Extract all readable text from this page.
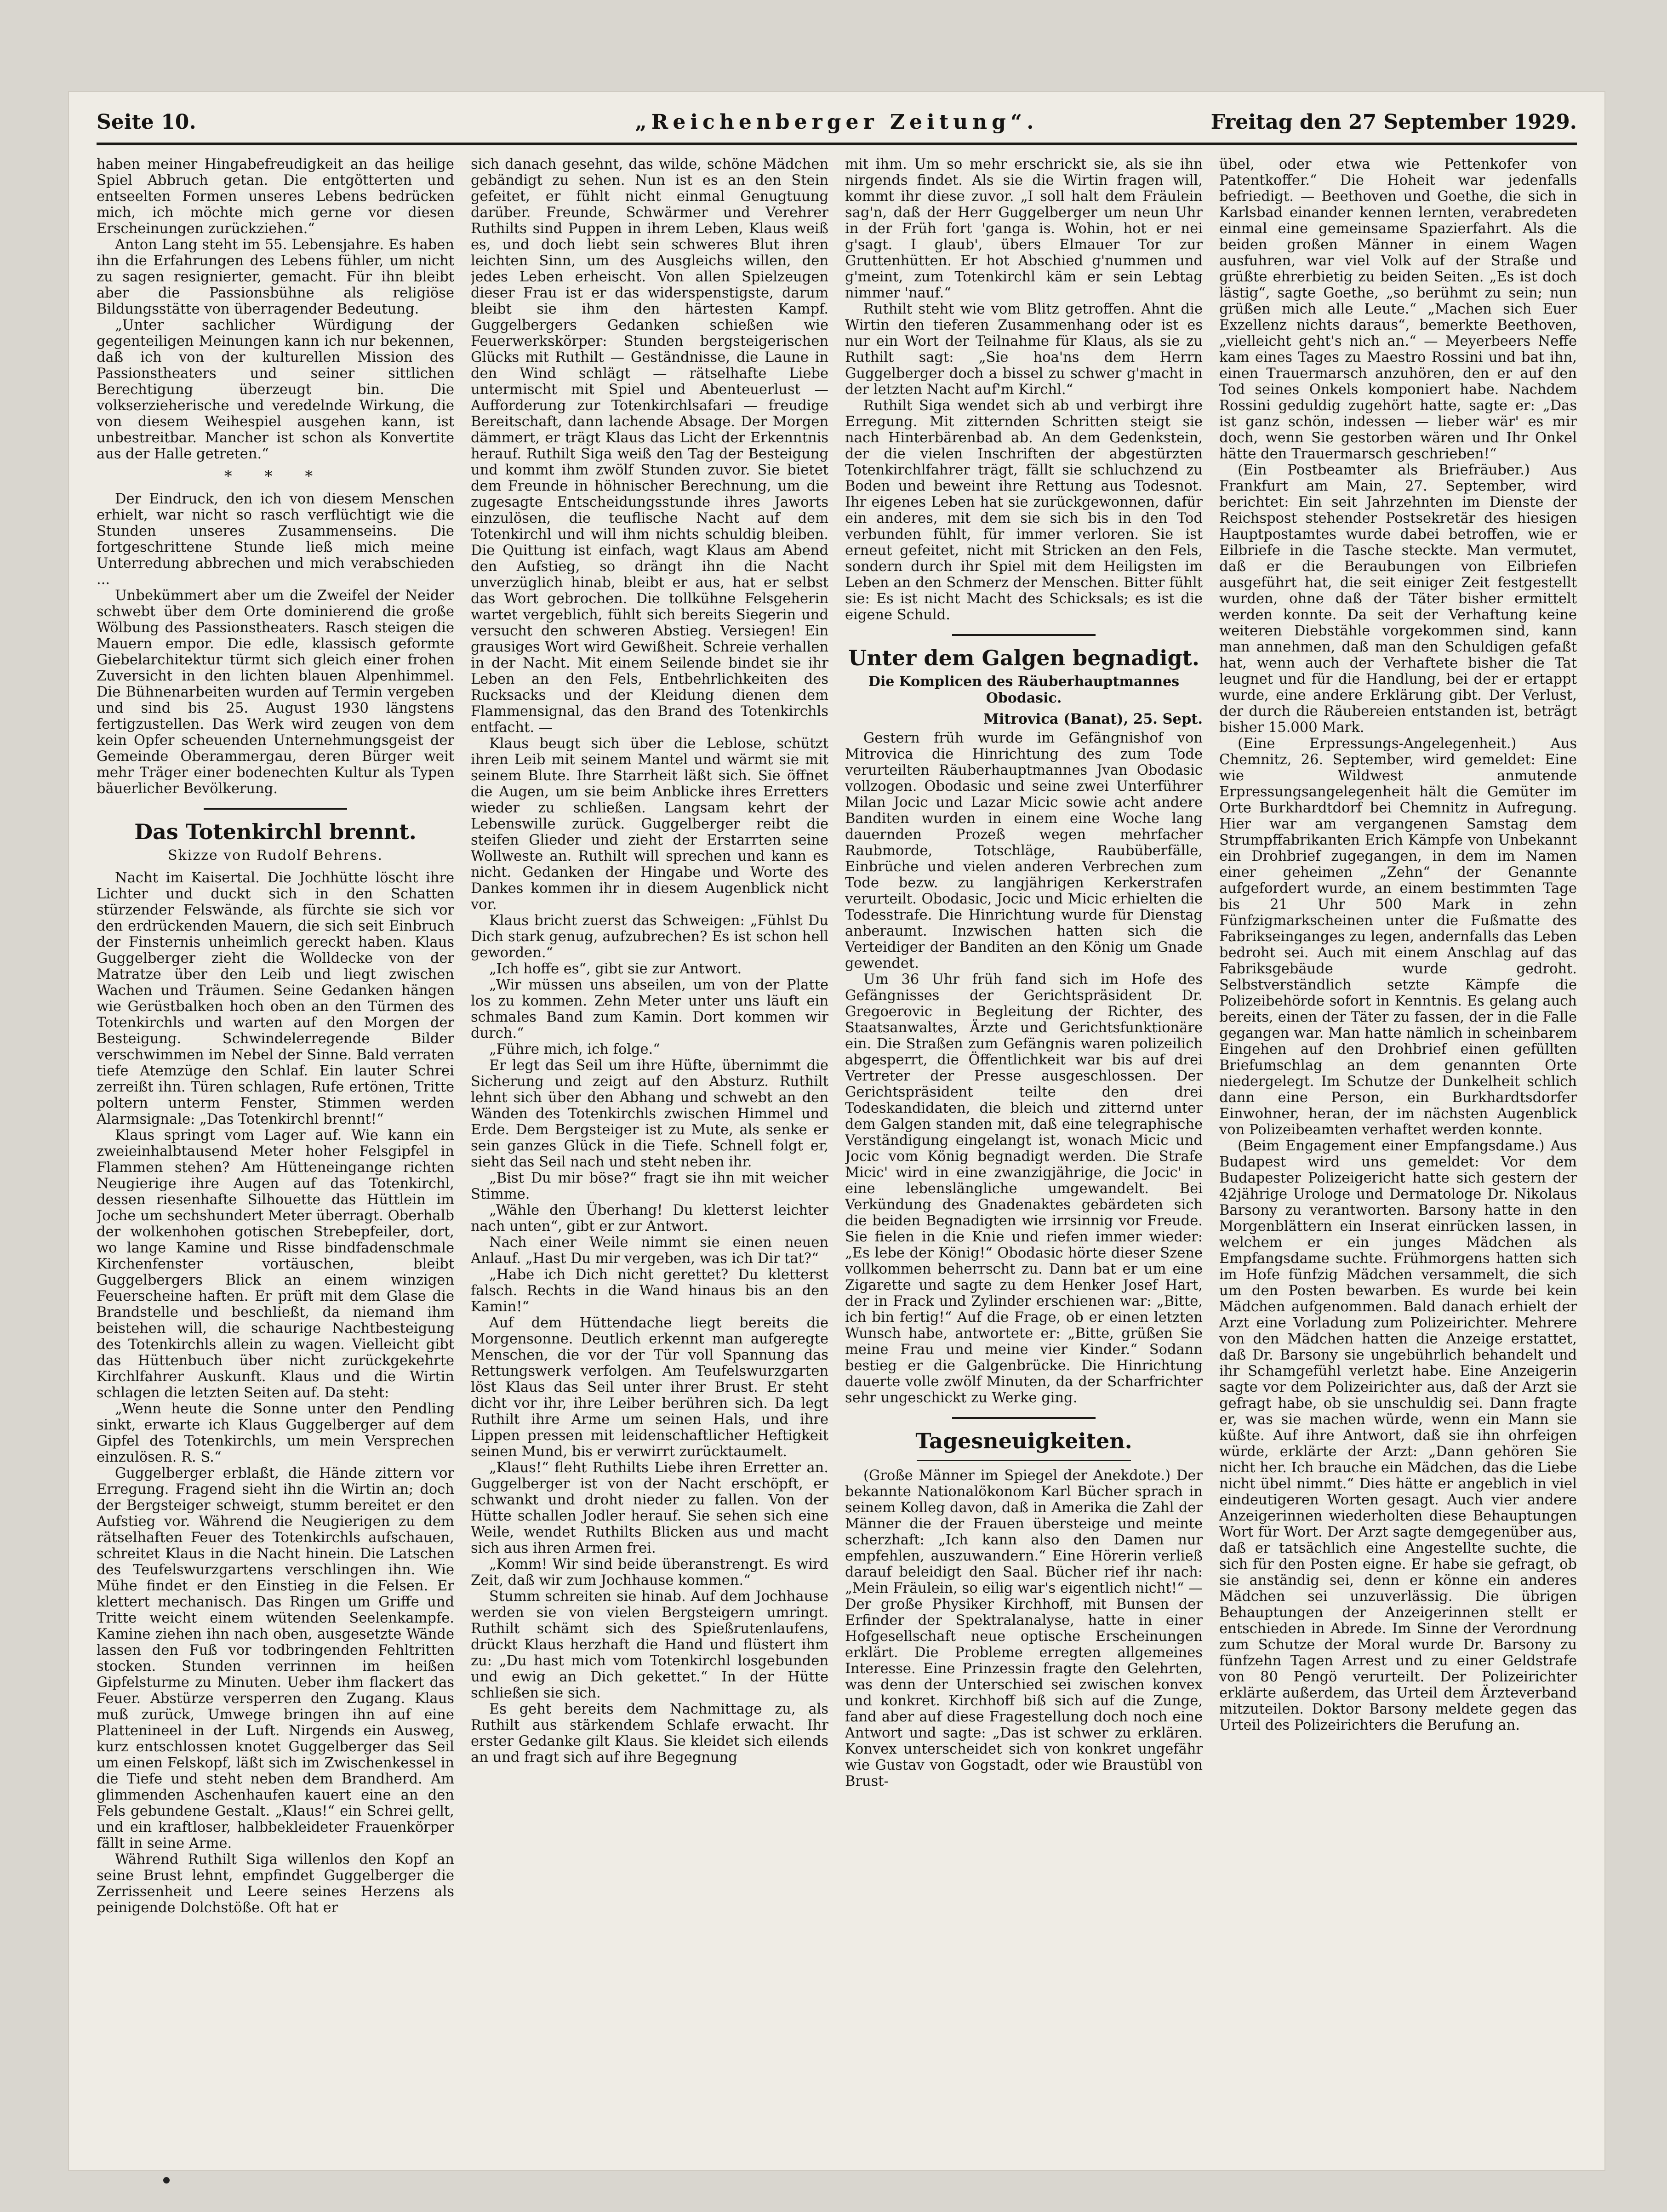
Seite 10.	„Reichenberger Zeitung“.	Freitag den 27 September 1929.

haben meiner Hingabefreudigkeit an das heilige Spiel Abbruch getan. Die entgötterten und entseelten Formen unseres Lebens bedrücken mich, ich möchte mich gerne vor diesen Erscheinungen zurückziehen.“

Anton Lang steht im 55. Lebensjahre. Es haben ihn die Erfahrungen des Lebens fühler, um nicht zu sagen resignierter, gemacht. Für ihn bleibt aber die Passionsbühne als religiöse Bildungsstätte von überragender Bedeutung.

„Unter sachlicher Würdigung der gegenteiligen Meinungen kann ich nur bekennen, daß ich von der kulturellen Mission des Passionstheaters und seiner sittlichen Berechtigung überzeugt bin. Die volkserzieherische und veredelnde Wirkung, die von diesem Weihespiel ausgehen kann, ist unbestreitbar. Mancher ist schon als Konvertite aus der Halle getreten.“

* * *

Der Eindruck, den ich von diesem Menschen erhielt, war nicht so rasch verflüchtigt wie die Stunden unseres Zusammenseins. Die fortgeschrittene Stunde ließ mich meine Unterredung abbrechen und mich verabschieden ...

Unbekümmert aber um die Zweifel der Neider schwebt über dem Orte dominierend die große Wölbung des Passionstheaters. Rasch steigen die Mauern empor. Die edle, klassisch geformte Giebelarchitektur türmt sich gleich einer frohen Zuversicht in den lichten blauen Alpenhimmel. Die Bühnenarbeiten wurden auf Termin vergeben und sind bis 25. August 1930 längstens fertigzustellen. Das Werk wird zeugen von dem kein Opfer scheuenden Unternehmungsgeist der Gemeinde Oberammergau, deren Bürger weit mehr Träger einer bodenechten Kultur als Typen bäuerlicher Bevölkerung.

Das Totenkirchl brennt.
Skizze von Rudolf Behrens.

Nacht im Kaisertal. Die Jochhütte löscht ihre Lichter und duckt sich in den Schatten stürzender Felswände, als fürchte sie sich vor den erdrückenden Mauern, die sich seit Einbruch der Finsternis unheimlich gereckt haben. Klaus Guggelberger zieht die Wolldecke von der Matratze über den Leib und liegt zwischen Wachen und Träumen. Seine Gedanken hängen wie Gerüstbalken hoch oben an den Türmen des Totenkirchls und warten auf den Morgen der Besteigung. Schwindelerregende Bilder verschwimmen im Nebel der Sinne. Bald verraten tiefe Atemzüge den Schlaf. Ein lauter Schrei zerreißt ihn. Türen schlagen, Rufe ertönen, Tritte poltern unterm Fenster, Stimmen werden Alarmsignale: „Das Totenkirchl brennt!“

Klaus springt vom Lager auf. Wie kann ein zweieinhalbtausend Meter hoher Felsgipfel in Flammen stehen? Am Hütteneingange richten Neugierige ihre Augen auf das Totenkirchl, dessen riesenhafte Silhouette das Hüttlein im Joche um sechshundert Meter überragt. Oberhalb der wolkenhohen gotischen Strebepfeiler, dort, wo lange Kamine und Risse bindfadenschmale Kirchenfenster vortäuschen, bleibt Guggelbergers Blick an einem winzigen Feuerscheine haften. Er prüft mit dem Glase die Brandstelle und beschließt, da niemand ihm beistehen will, die schaurige Nachtbesteigung des Totenkirchls allein zu wagen. Vielleicht gibt das Hüttenbuch über nicht zurückgekehrte Kirchlfahrer Auskunft. Klaus und die Wirtin schlagen die letzten Seiten auf. Da steht:

„Wenn heute die Sonne unter den Pendling sinkt, erwarte ich Klaus Guggelberger auf dem Gipfel des Totenkirchls, um mein Versprechen einzulösen. R. S.“

Guggelberger erblaßt, die Hände zittern vor Erregung. Fragend sieht ihn die Wirtin an; doch der Bergsteiger schweigt, stumm bereitet er den Aufstieg vor. Während die Neugierigen zu dem rätselhaften Feuer des Totenkirchls aufschauen, schreitet Klaus in die Nacht hinein. Die Latschen des Teufelswurzgartens verschlingen ihn. Wie Mühe findet er den Einstieg in die Felsen. Er klettert mechanisch. Das Ringen um Griffe und Tritte weicht einem wütenden Seelenkampfe. Kamine ziehen ihn nach oben, ausgesetzte Wände lassen den Fuß vor todbringenden Fehltritten stocken. Stunden verrinnen im heißen Gipfelsturme zu Minuten. Ueber ihm flackert das Feuer. Abstürze versperren den Zugang. Klaus muß zurück, Umwege bringen ihn auf eine Plattenineel in der Luft. Nirgends ein Ausweg, kurz entschlossen knotet Guggelberger das Seil um einen Felskopf, läßt sich im Zwischenkessel in die Tiefe und steht neben dem Brandherd. Am glimmenden Aschenhaufen kauert eine an den Fels gebundene Gestalt. „Klaus!“ ein Schrei gellt, und ein kraftloser, halbbekleideter Frauenkörper fällt in seine Arme.

Während Ruthilt Siga willenlos den Kopf an seine Brust lehnt, empfindet Guggelberger die Zerrissenheit und Leere seines Herzens als peinigende Dolchstöße. Oft hat er

sich danach gesehnt, das wilde, schöne Mädchen gebändigt zu sehen. Nun ist es an den Stein gefeitet, er fühlt nicht einmal Genugtuung darüber. Freunde, Schwärmer und Verehrer Ruthilts sind Puppen in ihrem Leben, Klaus weiß es, und doch liebt sein schweres Blut ihren leichten Sinn, um des Ausgleichs willen, den jedes Leben erheischt. Von allen Spielzeugen dieser Frau ist er das widerspenstigste, darum bleibt sie ihm den härtesten Kampf. Guggelbergers Gedanken schießen wie Feuerwerkskörper: Stunden bergsteigerischen Glücks mit Ruthilt — Geständnisse, die Laune in den Wind schlägt — rätselhafte Liebe untermischt mit Spiel und Abenteuerlust — Aufforderung zur Totenkirchlsafari — freudige Bereitschaft, dann lachende Absage. Der Morgen dämmert, er trägt Klaus das Licht der Erkenntnis herauf. Ruthilt Siga weiß den Tag der Besteigung und kommt ihm zwölf Stunden zuvor. Sie bietet dem Freunde in höhnischer Berechnung, um die zugesagte Entscheidungsstunde ihres Jaworts einzulösen, die teuflische Nacht auf dem Totenkirchl und will ihm nichts schuldig bleiben. Die Quittung ist einfach, wagt Klaus am Abend den Aufstieg, so drängt ihn die Nacht unverzüglich hinab, bleibt er aus, hat er selbst das Wort gebrochen. Die tollkühne Felsgeherin wartet vergeblich, fühlt sich bereits Siegerin und versucht den schweren Abstieg. Versiegen! Ein grausiges Wort wird Gewißheit. Schreie verhallen in der Nacht. Mit einem Seilende bindet sie ihr Leben an den Fels, Entbehrlichkeiten des Rucksacks und der Kleidung dienen dem Flammensignal, das den Brand des Totenkirchls entfacht. —

Klaus beugt sich über die Leblose, schützt ihren Leib mit seinem Mantel und wärmt sie mit seinem Blute. Ihre Starrheit läßt sich. Sie öffnet die Augen, um sie beim Anblicke ihres Erretters wieder zu schließen. Langsam kehrt der Lebenswille zurück. Guggelberger reibt die steifen Glieder und zieht der Erstarrten seine Wollweste an. Ruthilt will sprechen und kann es nicht. Gedanken der Hingabe und Worte des Dankes kommen ihr in diesem Augenblick nicht vor.

Klaus bricht zuerst das Schweigen: „Fühlst Du Dich stark genug, aufzubrechen? Es ist schon hell geworden.“

„Ich hoffe es“, gibt sie zur Antwort.

„Wir müssen uns abseilen, um von der Platte los zu kommen. Zehn Meter unter uns läuft ein schmales Band zum Kamin. Dort kommen wir durch.“

„Führe mich, ich folge.“

Er legt das Seil um ihre Hüfte, übernimmt die Sicherung und zeigt auf den Absturz. Ruthilt lehnt sich über den Abhang und schwebt an den Wänden des Totenkirchls zwischen Himmel und Erde. Dem Bergsteiger ist zu Mute, als senke er sein ganzes Glück in die Tiefe. Schnell folgt er, sieht das Seil nach und steht neben ihr.

„Bist Du mir böse?“ fragt sie ihn mit weicher Stimme.

„Wähle den Überhang! Du kletterst leichter nach unten“, gibt er zur Antwort.

Nach einer Weile nimmt sie einen neuen Anlauf. „Hast Du mir vergeben, was ich Dir tat?“

„Habe ich Dich nicht gerettet? Du kletterst falsch. Rechts in die Wand hinaus bis an den Kamin!“

Auf dem Hüttendache liegt bereits die Morgensonne. Deutlich erkennt man aufgeregte Menschen, die vor der Tür voll Spannung das Rettungswerk verfolgen. Am Teufelswurzgarten löst Klaus das Seil unter ihrer Brust. Er steht dicht vor ihr, ihre Leiber berühren sich. Da legt Ruthilt ihre Arme um seinen Hals, und ihre Lippen pressen mit leidenschaftlicher Heftigkeit seinen Mund, bis er verwirrt zurücktaumelt.

„Klaus!“ fleht Ruthilts Liebe ihren Erretter an. Guggelberger ist von der Nacht erschöpft, er schwankt und droht nieder zu fallen. Von der Hütte schallen Jodler herauf. Sie sehen sich eine Weile, wendet Ruthilts Blicken aus und macht sich aus ihren Armen frei.

„Komm! Wir sind beide überanstrengt. Es wird Zeit, daß wir zum Jochhause kommen.“

Stumm schreiten sie hinab. Auf dem Jochhause werden sie von vielen Bergsteigern umringt. Ruthilt schämt sich des Spießrutenlaufens, drückt Klaus herzhaft die Hand und flüstert ihm zu: „Du hast mich vom Totenkirchl losgebunden und ewig an Dich gekettet.“ In der Hütte schließen sie sich.

Es geht bereits dem Nachmittage zu, als Ruthilt aus stärkendem Schlafe erwacht. Ihr erster Gedanke gilt Klaus. Sie kleidet sich eilends an und fragt sich auf ihre Begegnung

mit ihm. Um so mehr erschrickt sie, als sie ihn nirgends findet. Als sie die Wirtin fragen will, kommt ihr diese zuvor. „I soll halt dem Fräulein sag'n, daß der Herr Guggelberger um neun Uhr in der Früh fort 'ganga is. Wohin, hot er nei g'sagt. I glaub', übers Elmauer Tor zur Gruttenhütten. Er hot Abschied g'nummen und g'meint, zum Totenkirchl käm er sein Lebtag nimmer 'nauf.“

Ruthilt steht wie vom Blitz getroffen. Ahnt die Wirtin den tieferen Zusammenhang oder ist es nur ein Wort der Teilnahme für Klaus, als sie zu Ruthilt sagt: „Sie hoa'ns dem Herrn Guggelberger doch a bissel zu schwer g'macht in der letzten Nacht auf'm Kirchl.“

Ruthilt Siga wendet sich ab und verbirgt ihre Erregung. Mit zitternden Schritten steigt sie nach Hinterbärenbad ab. An dem Gedenkstein, der die vielen Inschriften der abgestürzten Totenkirchlfahrer trägt, fällt sie schluchzend zu Boden und beweint ihre Rettung aus Todesnot. Ihr eigenes Leben hat sie zurückgewonnen, dafür ein anderes, mit dem sie sich bis in den Tod verbunden fühlt, für immer verloren. Sie ist erneut gefeitet, nicht mit Stricken an den Fels, sondern durch ihr Spiel mit dem Heiligsten im Leben an den Schmerz der Menschen. Bitter fühlt sie: Es ist nicht Macht des Schicksals; es ist die eigene Schuld.

Unter dem Galgen begnadigt.
Die Komplicen des Räuberhauptmannes Obodasic.
Mitrovica (Banat), 25. Sept.

Gestern früh wurde im Gefängnishof von Mitrovica die Hinrichtung des zum Tode verurteilten Räuberhauptmannes Jvan Obodasic vollzogen. Obodasic und seine zwei Unterführer Milan Jocic und Lazar Micic sowie acht andere Banditen wurden in einem eine Woche lang dauernden Prozeß wegen mehrfacher Raubmorde, Totschläge, Raubüberfälle, Einbrüche und vielen anderen Verbrechen zum Tode bezw. zu langjährigen Kerkerstrafen verurteilt. Obodasic, Jocic und Micic erhielten die Todesstrafe. Die Hinrichtung wurde für Dienstag anberaumt. Inzwischen hatten sich die Verteidiger der Banditen an den König um Gnade gewendet.

Um 36 Uhr früh fand sich im Hofe des Gefängnisses der Gerichtspräsident Dr. Gregoerovic in Begleitung der Richter, des Staatsanwaltes, Ärzte und Gerichtsfunktionäre ein. Die Straßen zum Gefängnis waren polizeilich abgesperrt, die Öffentlichkeit war bis auf drei Vertreter der Presse ausgeschlossen. Der Gerichtspräsident teilte den drei Todeskandidaten, die bleich und zitternd unter dem Galgen standen mit, daß eine telegraphische Verständigung eingelangt ist, wonach Micic und Jocic vom König begnadigt werden. Die Strafe Micic' wird in eine zwanzigjährige, die Jocic' in eine lebenslängliche umgewandelt. Bei Verkündung des Gnadenaktes gebärdeten sich die beiden Begnadigten wie irrsinnig vor Freude. Sie fielen in die Knie und riefen immer wieder: „Es lebe der König!“ Obodasic hörte dieser Szene vollkommen beherrscht zu. Dann bat er um eine Zigarette und sagte zu dem Henker Josef Hart, der in Frack und Zylinder erschienen war: „Bitte, ich bin fertig!“ Auf die Frage, ob er einen letzten Wunsch habe, antwortete er: „Bitte, grüßen Sie meine Frau und meine vier Kinder.“ Sodann bestieg er die Galgenbrücke. Die Hinrichtung dauerte volle zwölf Minuten, da der Scharfrichter sehr ungeschickt zu Werke ging.

Tagesneuigkeiten.

(Große Männer im Spiegel der Anekdote.) Der bekannte Nationalökonom Karl Bücher sprach in seinem Kolleg davon, daß in Amerika die Zahl der Männer die der Frauen übersteige und meinte scherzhaft: „Ich kann also den Damen nur empfehlen, auszuwandern.“ Eine Hörerin verließ darauf beleidigt den Saal. Bücher rief ihr nach: „Mein Fräulein, so eilig war's eigentlich nicht!“ — Der große Physiker Kirchhoff, mit Bunsen der Erfinder der Spektralanalyse, hatte in einer Hofgesellschaft neue optische Erscheinungen erklärt. Die Probleme erregten allgemeines Interesse. Eine Prinzessin fragte den Gelehrten, was denn der Unterschied sei zwischen konvex und konkret. Kirchhoff biß sich auf die Zunge, fand aber auf diese Fragestellung doch noch eine Antwort und sagte: „Das ist schwer zu erklären. Konvex unterscheidet sich von konkret ungefähr wie Gustav von Gogstadt, oder wie Braustübl von Brust-

übel, oder etwa wie Pettenkofer von Patentkoffer.“ Die Hoheit war jedenfalls befriedigt. — Beethoven und Goethe, die sich in Karlsbad einander kennen lernten, verabredeten einmal eine gemeinsame Spazierfahrt. Als die beiden großen Männer in einem Wagen ausfuhren, war viel Volk auf der Straße und grüßte ehrerbietig zu beiden Seiten. „Es ist doch lästig“, sagte Goethe, „so berühmt zu sein; nun grüßen mich alle Leute.“ „Machen sich Euer Exzellenz nichts daraus“, bemerkte Beethoven, „vielleicht geht's nich an.“ — Meyerbeers Neffe kam eines Tages zu Maestro Rossini und bat ihn, einen Trauermarsch anzuhören, den er auf den Tod seines Onkels komponiert habe. Nachdem Rossini geduldig zugehört hatte, sagte er: „Das ist ganz schön, indessen — lieber wär' es mir doch, wenn Sie gestorben wären und Ihr Onkel hätte den Trauermarsch geschrieben!“

(Ein Postbeamter als Briefräuber.) Aus Frankfurt am Main, 27. September, wird berichtet: Ein seit Jahrzehnten im Dienste der Reichspost stehender Postsekretär des hiesigen Hauptpostamtes wurde dabei betroffen, wie er Eilbriefe in die Tasche steckte. Man vermutet, daß er die Beraubungen von Eilbriefen ausgeführt hat, die seit einiger Zeit festgestellt wurden, ohne daß der Täter bisher ermittelt werden konnte. Da seit der Verhaftung keine weiteren Diebstähle vorgekommen sind, kann man annehmen, daß man den Schuldigen gefaßt hat, wenn auch der Verhaftete bisher die Tat leugnet und für die Handlung, bei der er ertappt wurde, eine andere Erklärung gibt. Der Verlust, der durch die Räubereien entstanden ist, beträgt bisher 15.000 Mark.

(Eine Erpressungs-Angelegenheit.) Aus Chemnitz, 26. September, wird gemeldet: Eine wie Wildwest anmutende Erpressungsangelegenheit hält die Gemüter im Orte Burkhardtdorf bei Chemnitz in Aufregung. Hier war am vergangenen Samstag dem Strumpffabrikanten Erich Kämpfe von Unbekannt ein Drohbrief zugegangen, in dem im Namen einer geheimen „Zehn“ der Genannte aufgefordert wurde, an einem bestimmten Tage bis 21 Uhr 500 Mark in zehn Fünfzigmarkscheinen unter die Fußmatte des Fabrikseinganges zu legen, andernfalls das Leben bedroht sei. Auch mit einem Anschlag auf das Fabriksgebäude wurde gedroht. Selbstverständlich setzte Kämpfe die Polizeibehörde sofort in Kenntnis. Es gelang auch bereits, einen der Täter zu fassen, der in die Falle gegangen war. Man hatte nämlich in scheinbarem Eingehen auf den Drohbrief einen gefüllten Briefumschlag an dem genannten Orte niedergelegt. Im Schutze der Dunkelheit schlich dann eine Person, ein Burkhardtsdorfer Einwohner, heran, der im nächsten Augenblick von Polizeibeamten verhaftet werden konnte.

(Beim Engagement einer Empfangsdame.) Aus Budapest wird uns gemeldet: Vor dem Budapester Polizeigericht hatte sich gestern der 42jährige Urologe und Dermatologe Dr. Nikolaus Barsony zu verantworten. Barsony hatte in den Morgenblättern ein Inserat einrücken lassen, in welchem er ein junges Mädchen als Empfangsdame suchte. Frühmorgens hatten sich im Hofe fünfzig Mädchen versammelt, die sich um den Posten bewarben. Es wurde bei kein Mädchen aufgenommen. Bald danach erhielt der Arzt eine Vorladung zum Polizeirichter. Mehrere von den Mädchen hatten die Anzeige erstattet, daß Dr. Barsony sie ungebührlich behandelt und ihr Schamgefühl verletzt habe. Eine Anzeigerin sagte vor dem Polizeirichter aus, daß der Arzt sie gefragt habe, ob sie unschuldig sei. Dann fragte er, was sie machen würde, wenn ein Mann sie küßte. Auf ihre Antwort, daß sie ihn ohrfeigen würde, erklärte der Arzt: „Dann gehören Sie nicht her. Ich brauche ein Mädchen, das die Liebe nicht übel nimmt.“ Dies hätte er angeblich in viel eindeutigeren Worten gesagt. Auch vier andere Anzeigerinnen wiederholten diese Behauptungen Wort für Wort. Der Arzt sagte demgegenüber aus, daß er tatsächlich eine Angestellte suchte, die sich für den Posten eigne. Er habe sie gefragt, ob sie anständig sei, denn er könne ein anderes Mädchen sei unzuverlässig. Die übrigen Behauptungen der Anzeigerinnen stellt er entschieden in Abrede. Im Sinne der Verordnung zum Schutze der Moral wurde Dr. Barsony zu fünfzehn Tagen Arrest und zu einer Geldstrafe von 80 Pengö verurteilt. Der Polizeirichter erklärte außerdem, das Urteil dem Ärzteverband mitzuteilen. Doktor Barsony meldete gegen das Urteil des Polizeirichters die Berufung an.
